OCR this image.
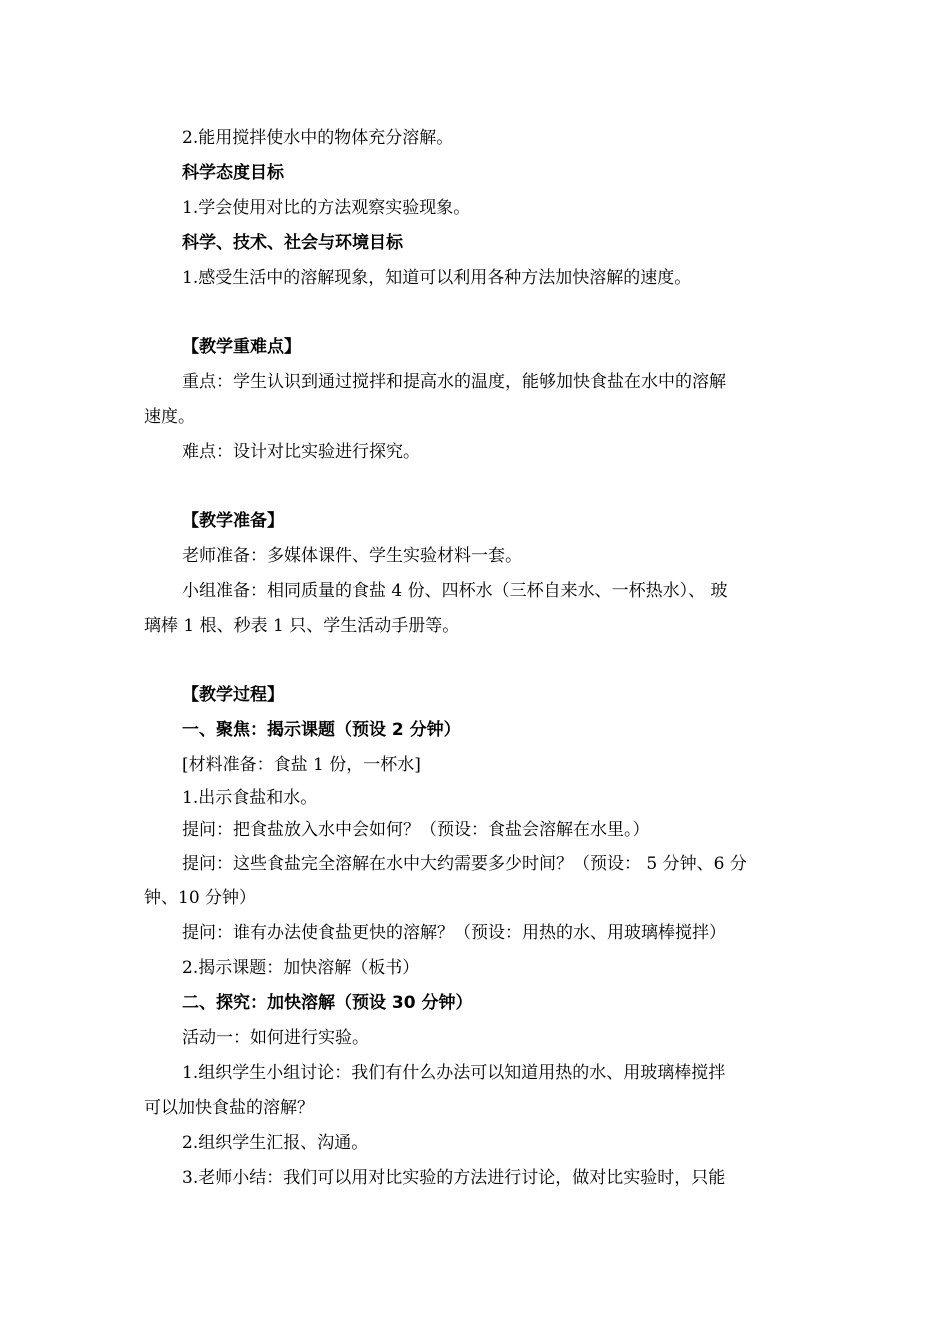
2.能用搅拌使水中的物体充分溶解。
科学态度目标
1.学会使用对比的方法观察实验现象。
科学、技术、社会与环境目标
1.感受生活中的溶解现象，知道可以利用各种方法加快溶解的速度。
【教学重难点】
重点：学生认识到通过搅拌和提高水的温度，能够加快食盐在水中的溶解
速度。
难点：设计对比实验进行探究。
【教学准备】
老师准备：多媒体课件、学生实验材料一套。
小组准备：相同质量的食盐 4 份、四杯水（三杯自来水、一杯热水）、 玻
璃棒 1 根、秒表 1 只、学生活动手册等。
【教学过程】
一、聚焦：揭示课题（预设 2 分钟）
[材料准备：食盐 1 份，一杯水]
1.出示食盐和水。
提问：把食盐放入水中会如何？（预设：食盐会溶解在水里。）
提问：这些食盐完全溶解在水中大约需要多少时间？（预设： 5 分钟、6 分
钟、10 分钟）
提问：谁有办法使食盐更快的溶解？（预设：用热的水、用玻璃棒搅拌）
2.揭示课题：加快溶解（板书）
二、探究：加快溶解（预设 30 分钟）
活动一：如何进行实验。
1.组织学生小组讨论：我们有什么办法可以知道用热的水、用玻璃棒搅拌
可以加快食盐的溶解？
2.组织学生汇报、沟通。
3.老师小结：我们可以用对比实验的方法进行讨论，做对比实验时，只能
